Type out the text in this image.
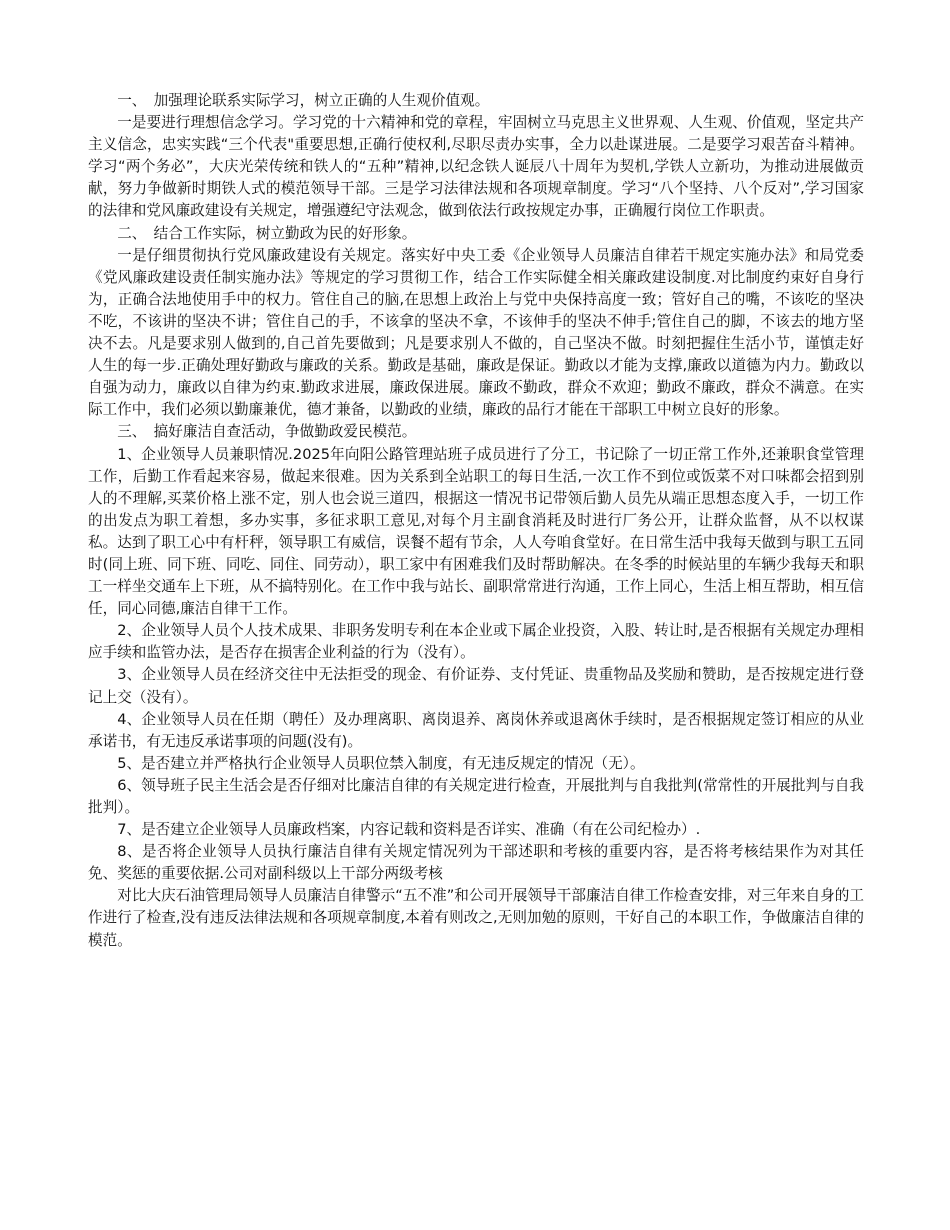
一、　加强理论联系实际学习，树立正确的人生观价值观。

一是要进行理想信念学习。学习党的十六精神和党的章程，牢固树立马克思主义世界观、人生观、价值观，坚定共产主义信念，忠实实践“三个代表"重要思想,正确行使权利,尽职尽责办实事，全力以赴谋进展。二是要学习艰苦奋斗精神。学习“两个务必”，大庆光荣传统和铁人的“五种”精神,以纪念铁人诞辰八十周年为契机,学铁人立新功，为推动进展做贡献，努力争做新时期铁人式的模范领导干部。三是学习法律法规和各项规章制度。学习“八个坚持、八个反对”,学习国家的法律和党风廉政建设有关规定，增强遵纪守法观念，做到依法行政按规定办事，正确履行岗位工作职责。

二、　结合工作实际，树立勤政为民的好形象。

一是仔细贯彻执行党风廉政建设有关规定。落实好中央工委《企业领导人员廉洁自律若干规定实施办法》和局党委《党风廉政建设责任制实施办法》等规定的学习贯彻工作，结合工作实际健全相关廉政建设制度.对比制度约束好自身行为，正确合法地使用手中的权力。管住自己的脑,在思想上政治上与党中央保持高度一致；管好自己的嘴，不该吃的坚决不吃，不该讲的坚决不讲；管住自己的手，不该拿的坚决不拿，不该伸手的坚决不伸手;管住自己的脚，不该去的地方坚决不去。凡是要求别人做到的,自己首先要做到；凡是要求别人不做的，自己坚决不做。时刻把握住生活小节，谨慎走好人生的每一步.正确处理好勤政与廉政的关系。勤政是基础，廉政是保证。勤政以才能为支撑,廉政以道德为内力。勤政以自强为动力，廉政以自律为约束.勤政求进展，廉政保进展。廉政不勤政，群众不欢迎；勤政不廉政，群众不满意。在实际工作中，我们必须以勤廉兼优，德才兼备，以勤政的业绩，廉政的品行才能在干部职工中树立良好的形象。

三、　搞好廉洁自查活动，争做勤政爱民模范。

1、企业领导人员兼职情况.2025年向阳公路管理站班子成员进行了分工，书记除了一切正常工作外,还兼职食堂管理工作，后勤工作看起来容易，做起来很难。因为关系到全站职工的每日生活,一次工作不到位或饭菜不对口味都会招到别人的不理解,买菜价格上涨不定，别人也会说三道四，根据这一情况书记带领后勤人员先从端正思想态度入手，一切工作的出发点为职工着想，多办实事，多征求职工意见,对每个月主副食消耗及时进行厂务公开，让群众监督，从不以权谋私。达到了职工心中有杆秤，领导职工有威信，误餐不超有节余，人人夸咱食堂好。在日常生活中我每天做到与职工五同时(同上班、同下班、同吃、同住、同劳动），职工家中有困难我们及时帮助解决。在冬季的时候站里的车辆少我每天和职工一样坐交通车上下班，从不搞特别化。在工作中我与站长、副职常常进行沟通，工作上同心，生活上相互帮助，相互信任，同心同德,廉洁自律干工作。

2、企业领导人员个人技术成果、非职务发明专利在本企业或下属企业投资，入股、转让时,是否根据有关规定办理相应手续和监管办法，是否存在损害企业利益的行为（没有）。

3、企业领导人员在经济交往中无法拒受的现金、有价证券、支付凭证、贵重物品及奖励和赞助，是否按规定进行登记上交（没有）。

4、企业领导人员在任期（聘任）及办理离职、离岗退养、离岗休养或退离休手续时，是否根据规定签订相应的从业承诺书，有无违反承诺事项的问题(没有)。

5、是否建立并严格执行企业领导人员职位禁入制度，有无违反规定的情况（无）。

6、领导班子民主生活会是否仔细对比廉洁自律的有关规定进行检查，开展批判与自我批判(常常性的开展批判与自我批判）。

7、是否建立企业领导人员廉政档案，内容记载和资料是否详实、准确（有在公司纪检办）.

8、是否将企业领导人员执行廉洁自律有关规定情况列为干部述职和考核的重要内容，是否将考核结果作为对其任免、奖惩的重要依据.公司对副科级以上干部分两级考核

对比大庆石油管理局领导人员廉洁自律警示“五不准”和公司开展领导干部廉洁自律工作检查安排，对三年来自身的工作进行了检查,没有违反法律法规和各项规章制度,本着有则改之,无则加勉的原则，干好自己的本职工作，争做廉洁自律的模范。
